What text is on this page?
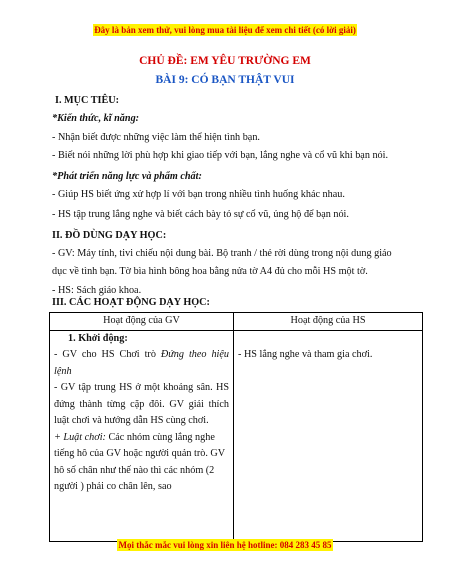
Đây là bản xem thử, vui lòng mua tài liệu để xem chi tiết (có lời giải)
CHỦ ĐỀ: EM YÊU TRƯỜNG EM
BÀI 9: CÓ BẠN THẬT VUI
I. MỤC TIÊU:
*Kiến thức, kĩ năng:
- Nhận biết được những việc làm thể hiện tình bạn.
- Biết nói những lời phù hợp khi giao tiếp với bạn, lắng nghe và cổ vũ khi bạn nói.
*Phát triển năng lực và phẩm chất:
- Giúp HS biết ứng xử hợp lí với bạn trong nhiều tình huống khác nhau.
- HS tập trung lắng nghe và biết cách bày tỏ sự cổ vũ, ủng hộ để bạn nói.
II. ĐỒ DÙNG DẠY HỌC:
- GV: Máy tính, tivi chiếu nội dung bài. Bộ tranh / thẻ rời dùng trong nội dung giáo
dục về tình bạn. Tờ bìa hình bông hoa bằng nửa tờ A4 đủ cho mỗi HS một tờ.
- HS: Sách giáo khoa.
III. CÁC HOẠT ĐỘNG DẠY HỌC:
Hoạt động của GV	Hoạt động của HS

1. Khởi động:

- GV cho HS Chơi trò Đứng theo hiệu lệnh

- GV tập trung HS ở một khoảng sân. HS đứng thành từng cặp đôi. GV giải thích luật chơi và hướng dẫn HS cùng chơi.

+ Luật chơi: Các nhóm cùng lắng nghe tiếng hô của GV hoặc người quản trò. GV hô số chân như thế nào thì các nhóm (2 người ) phải co chân lên, sao	- HS lắng nghe và tham gia chơi.

Mọi thắc mắc vui lòng xin liên hệ hotline: 084 283 45 85
